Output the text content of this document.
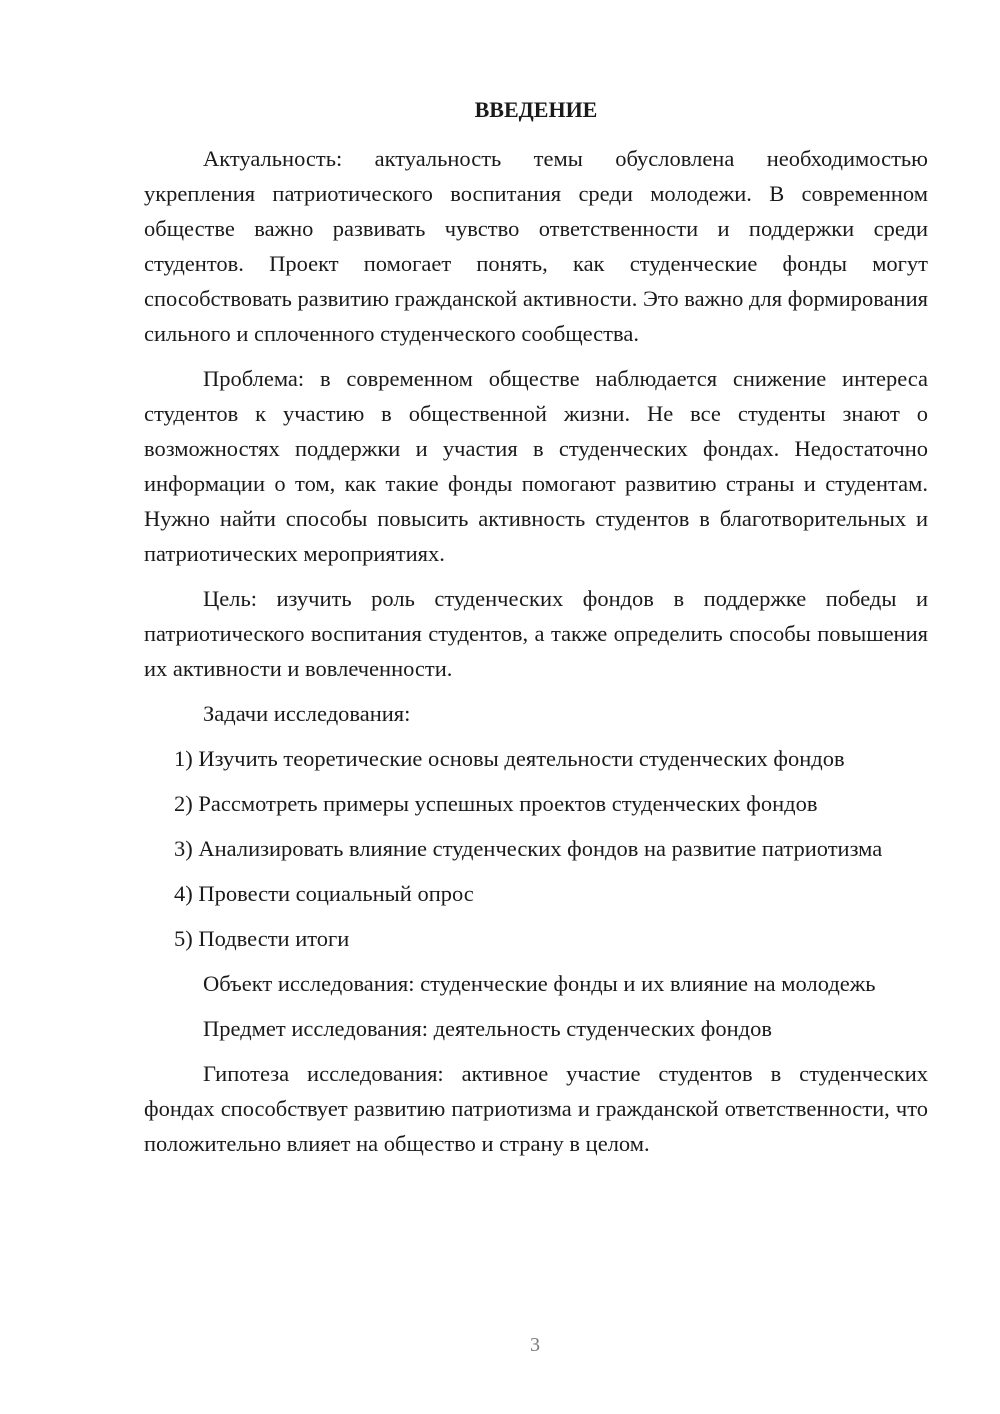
ВВЕДЕНИЕ

Актуальность: актуальность темы обусловлена необходимостью укрепления патриотического воспитания среди молодежи. В современном обществе важно развивать чувство ответственности и поддержки среди студентов. Проект помогает понять, как студенческие фонды могут способствовать развитию гражданской активности. Это важно для формирования сильного и сплоченного студенческого сообщества.

Проблема: в современном обществе наблюдается снижение интереса студентов к участию в общественной жизни. Не все студенты знают о возможностях поддержки и участия в студенческих фондах. Недостаточно информации о том, как такие фонды помогают развитию страны и студентам. Нужно найти способы повысить активность студентов в благотворительных и патриотических мероприятиях.

Цель: изучить роль студенческих фондов в поддержке победы и патриотического воспитания студентов, а также определить способы повышения их активности и вовлеченности.

Задачи исследования:

1) Изучить теоретические основы деятельности студенческих фондов

2) Рассмотреть примеры успешных проектов студенческих фондов

3) Анализировать влияние студенческих фондов на развитие патриотизма

4) Провести социальный опрос

5) Подвести итоги

Объект исследования: студенческие фонды и их влияние на молодежь

Предмет исследования: деятельность студенческих фондов

Гипотеза исследования: активное участие студентов в студенческих фондах способствует развитию патриотизма и гражданской ответственности, что положительно влияет на общество и страну в целом.

3
